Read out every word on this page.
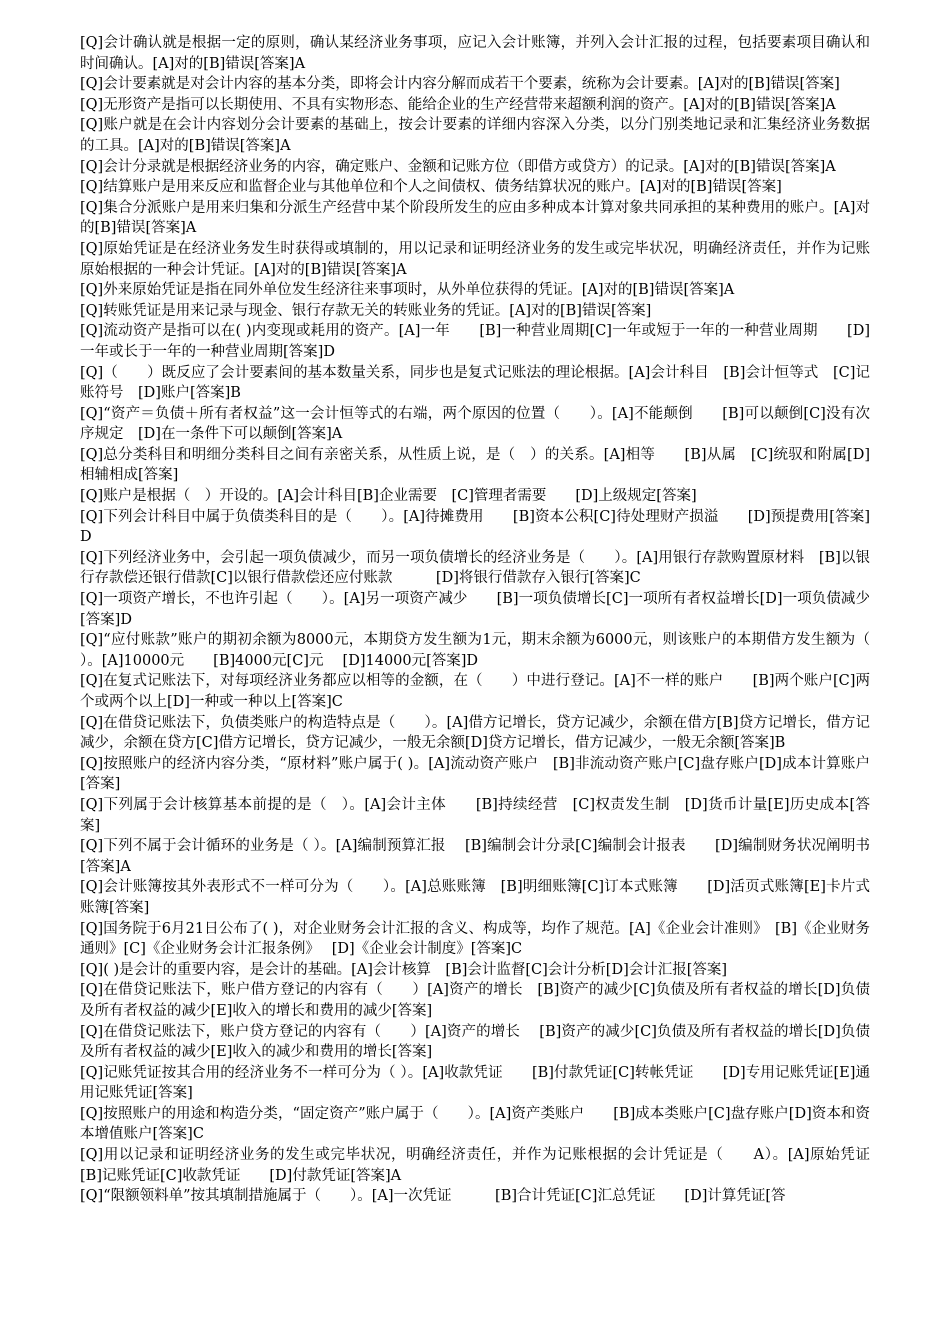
[Q]会计确认就是根据一定的原则，确认某经济业务事项，应记入会计账簿，并列入会计汇报的过程，包括要素项目确认和时间确认。[A]对的[B]错误[答案]A

[Q]会计要素就是对会计内容的基本分类，即将会计内容分解而成若干个要素，统称为会计要素。[A]对的[B]错误[答案]

[Q]无形资产是指可以长期使用、不具有实物形态、能给企业的生产经营带来超额利润的资产。[A]对的[B]错误[答案]A

[Q]账户就是在会计内容划分会计要素的基础上，按会计要素的详细内容深入分类，以分门别类地记录和汇集经济业务数据的工具。[A]对的[B]错误[答案]A

[Q]会计分录就是根据经济业务的内容，确定账户、金额和记账方位（即借方或贷方）的记录。[A]对的[B]错误[答案]A

[Q]结算账户是用来反应和监督企业与其他单位和个人之间债权、债务结算状况的账户。[A]对的[B]错误[答案]

[Q]集合分派账户是用来归集和分派生产经营中某个阶段所发生的应由多种成本计算对象共同承担的某种费用的账户。[A]对的[B]错误[答案]A

[Q]原始凭证是在经济业务发生时获得或填制的，用以记录和证明经济业务的发生或完毕状况，明确经济责任，并作为记账原始根据的一种会计凭证。[A]对的[B]错误[答案]A

[Q]外来原始凭证是指在同外单位发生经济往来事项时，从外单位获得的凭证。[A]对的[B]错误[答案]A

[Q]转账凭证是用来记录与现金、银行存款无关的转账业务的凭证。[A]对的[B]错误[答案]

[Q]流动资产是指可以在( )内变现或耗用的资产。[A]一年　　[B]一种营业周期[C]一年或短于一年的一种营业周期　　[D]一年或长于一年的一种营业周期[答案]D

[Q]（　　）既反应了会计要素间的基本数量关系，同步也是复式记账法的理论根据。[A]会计科目　[B]会计恒等式　[C]记账符号　[D]账户[答案]B

[Q]“资产＝负债＋所有者权益”这一会计恒等式的右端，两个原因的位置（　　）。[A]不能颠倒　　[B]可以颠倒[C]没有次序规定　[D]在一条件下可以颠倒[答案]A

[Q]总分类科目和明细分类科目之间有亲密关系，从性质上说，是（　）的关系。[A]相等　　[B]从属　[C]统驭和附属[D]相辅相成[答案]

[Q]账户是根据（　）开设的。[A]会计科目[B]企业需要　[C]管理者需要　　[D]上级规定[答案]

[Q]下列会计科目中属于负债类科目的是（　　）。[A]待摊费用　　[B]资本公积[C]待处理财产损溢　　[D]预提费用[答案]D

[Q]下列经济业务中，会引起一项负债减少，而另一项负债增长的经济业务是（　　）。[A]用银行存款购置原材料　[B]以银行存款偿还银行借款[C]以银行借款偿还应付账款　　　[D]将银行借款存入银行[答案]C

[Q]一项资产增长，不也许引起（　　）。[A]另一项资产减少　　[B]一项负债增长[C]一项所有者权益增长[D]一项负债减少[答案]D

[Q]“应付账款”账户的期初余额为8000元，本期贷方发生额为1元，期末余额为6000元，则该账户的本期借方发生额为（　　　）。[A]10000元　　[B]4000元[C]元　 [D]14000元[答案]D

[Q]在复式记账法下，对每项经济业务都应以相等的金额，在（　　）中进行登记。[A]不一样的账户　　[B]两个账户[C]两个或两个以上[D]一种或一种以上[答案]C

[Q]在借贷记账法下，负债类账户的构造特点是（　　）。[A]借方记增长，贷方记减少，余额在借方[B]贷方记增长，借方记减少，余额在贷方[C]借方记增长，贷方记减少，一般无余额[D]贷方记增长，借方记减少，一般无余额[答案]B

[Q]按照账户的经济内容分类，“原材料”账户属于( )。[A]流动资产账户　[B]非流动资产账户[C]盘存账户[D]成本计算账户[答案]

[Q]下列属于会计核算基本前提的是（　）。[A]会计主体　　[B]持续经营　[C]权责发生制　[D]货币计量[E]历史成本[答案]

[Q]下列不属于会计循环的业务是（ ）。[A]编制预算汇报　 [B]编制会计分录[C]编制会计报表　　[D]编制财务状况阐明书[答案]A

[Q]会计账簿按其外表形式不一样可分为（　　）。[A]总账账簿　[B]明细账簿[C]订本式账簿　　[D]活页式账簿[E]卡片式账簿[答案]

[Q]国务院于6月21日公布了( )，对企业财务会计汇报的含义、构成等，均作了规范。[A]《企业会计准则》　[B]《企业财务通则》[C]《企业财务会计汇报条例》　 [D]《企业会计制度》[答案]C

[Q]( )是会计的重要内容，是会计的基础。[A]会计核算　[B]会计监督[C]会计分析[D]会计汇报[答案]

[Q]在借贷记账法下，账户借方登记的内容有（　　）[A]资产的增长　[B]资产的减少[C]负债及所有者权益的增长[D]负债及所有者权益的减少[E]收入的增长和费用的减少[答案]

[Q]在借贷记账法下，账户贷方登记的内容有（　　）[A]资产的增长　 [B]资产的减少[C]负债及所有者权益的增长[D]负债及所有者权益的减少[E]收入的减少和费用的增长[答案]

[Q]记账凭证按其合用的经济业务不一样可分为（ ）。[A]收款凭证　　[B]付款凭证[C]转帐凭证　　[D]专用记账凭证[E]通用记账凭证[答案]

[Q]按照账户的用途和构造分类，“固定资产”账户属于（　　）。[A]资产类账户　　[B]成本类账户[C]盘存账户[D]资本和资本增值账户[答案]C

[Q]用以记录和证明经济业务的发生或完毕状况，明确经济责任，并作为记账根据的会计凭证是（　　A）。[A]原始凭证　　[B]记账凭证[C]收款凭证　　[D]付款凭证[答案]A

[Q]“限额领料单”按其填制措施属于（　　）。[A]一次凭证　　　[B]合计凭证[C]汇总凭证　　[D]计算凭证[答
